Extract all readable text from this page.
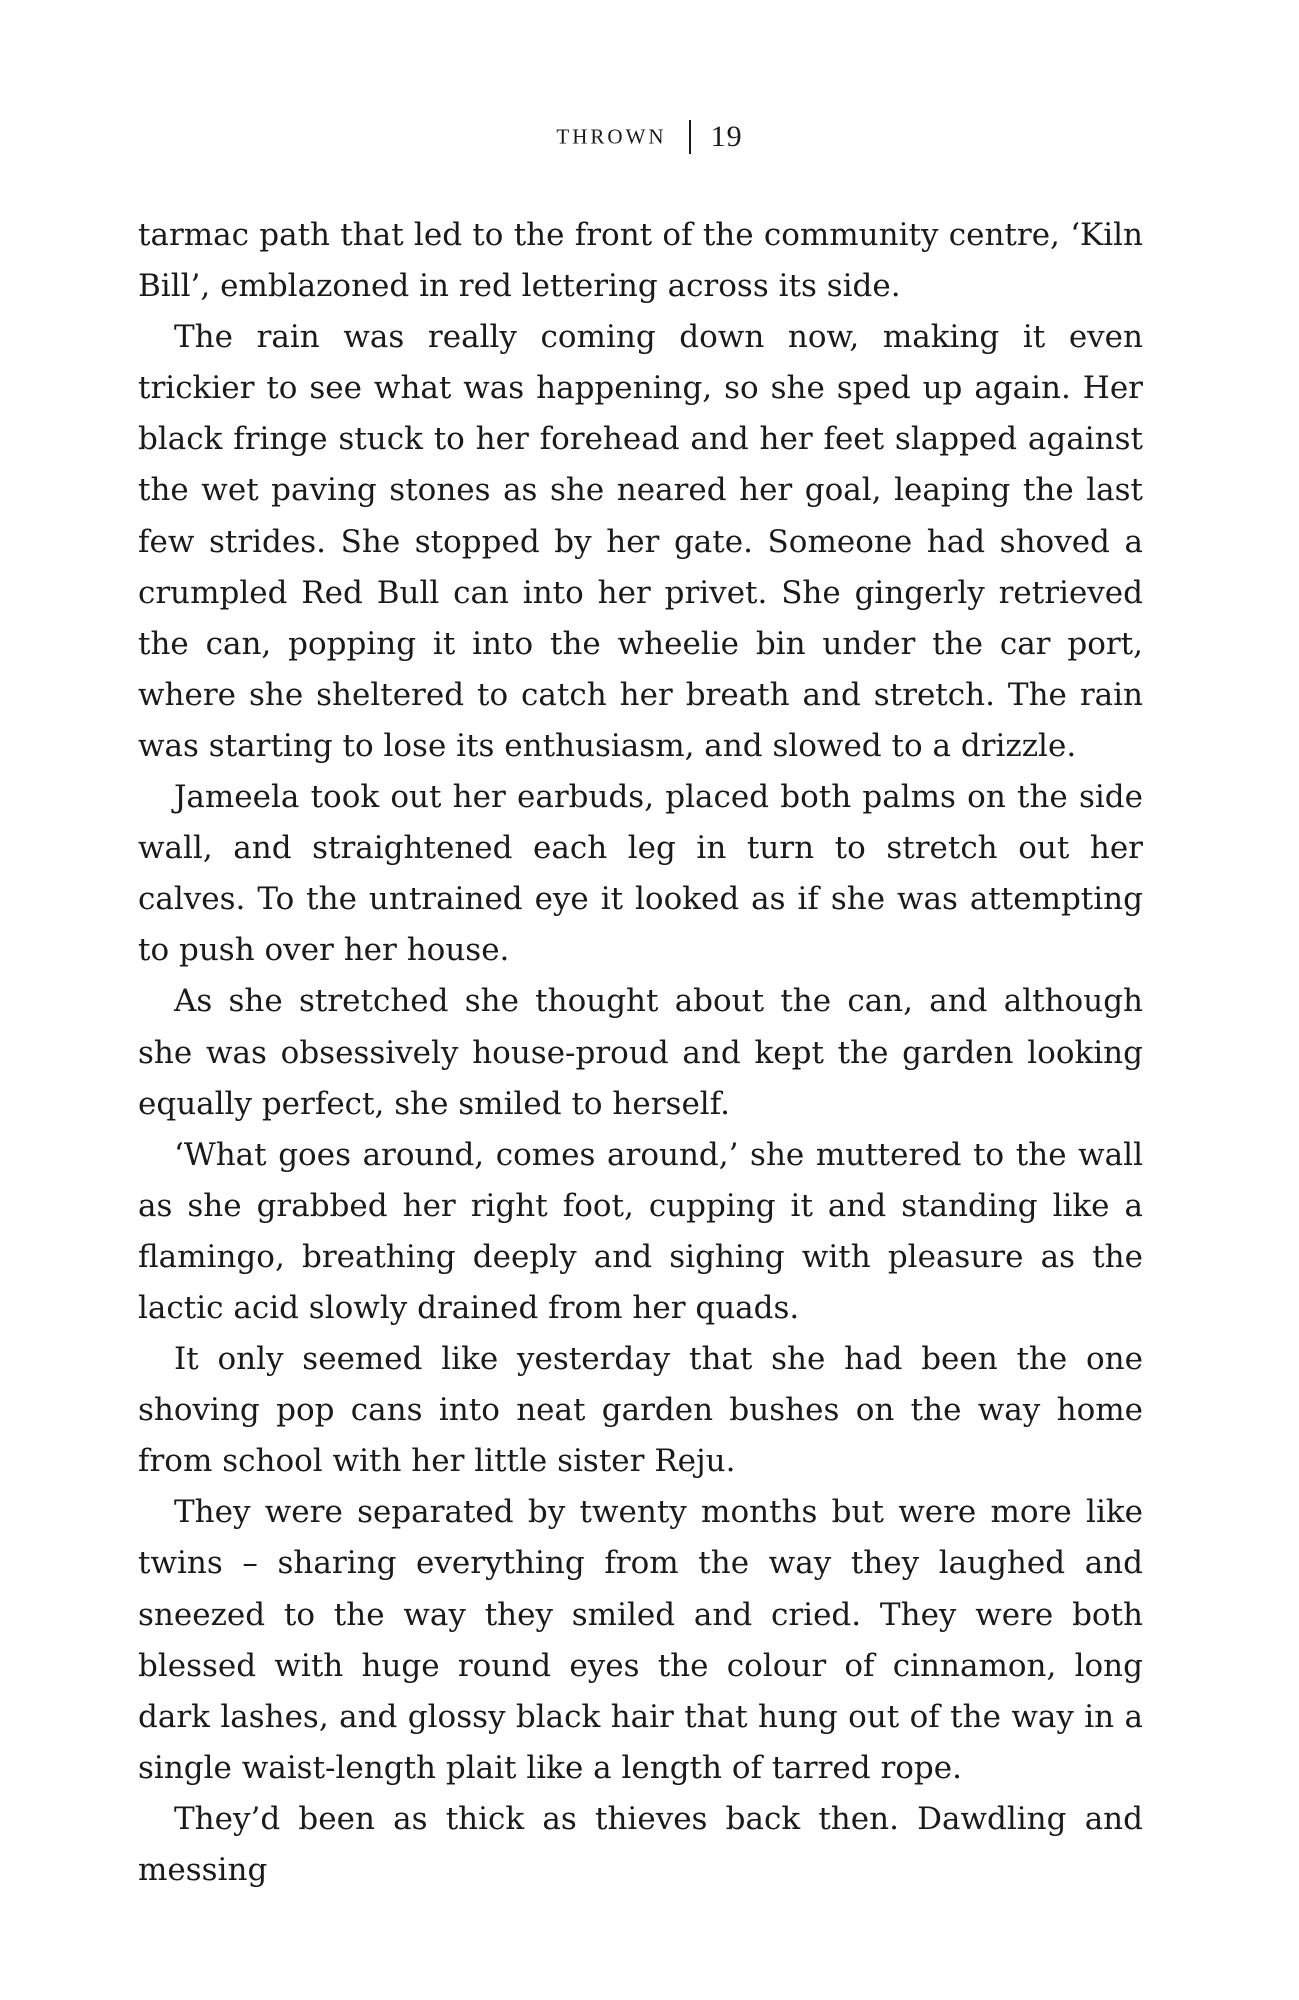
THROWN 19

tarmac path that led to the front of the community centre, ‘Kiln Bill’, emblazoned in red lettering across its side.

The rain was really coming down now, making it even trickier to see what was happening, so she sped up again. Her black fringe stuck to her forehead and her feet slapped against the wet paving stones as she neared her goal, leaping the last few strides. She stopped by her gate. Someone had shoved a crumpled Red Bull can into her privet. She gingerly retrieved the can, popping it into the wheelie bin under the car port, where she sheltered to catch her breath and stretch. The rain was starting to lose its enthusiasm, and slowed to a drizzle.

Jameela took out her earbuds, placed both palms on the side wall, and straightened each leg in turn to stretch out her calves. To the untrained eye it looked as if she was attempting to push over her house.

As she stretched she thought about the can, and although she was obsessively house-proud and kept the garden looking equally perfect, she smiled to herself.

‘What goes around, comes around,’ she muttered to the wall as she grabbed her right foot, cupping it and standing like a flamingo, breathing deeply and sighing with pleasure as the lactic acid slowly drained from her quads.

It only seemed like yesterday that she had been the one shoving pop cans into neat garden bushes on the way home from school with her little sister Reju.

They were separated by twenty months but were more like twins – sharing everything from the way they laughed and sneezed to the way they smiled and cried. They were both blessed with huge round eyes the colour of cinnamon, long dark lashes, and glossy black hair that hung out of the way in a single waist-length plait like a length of tarred rope.

They’d been as thick as thieves back then. Dawdling and messing
